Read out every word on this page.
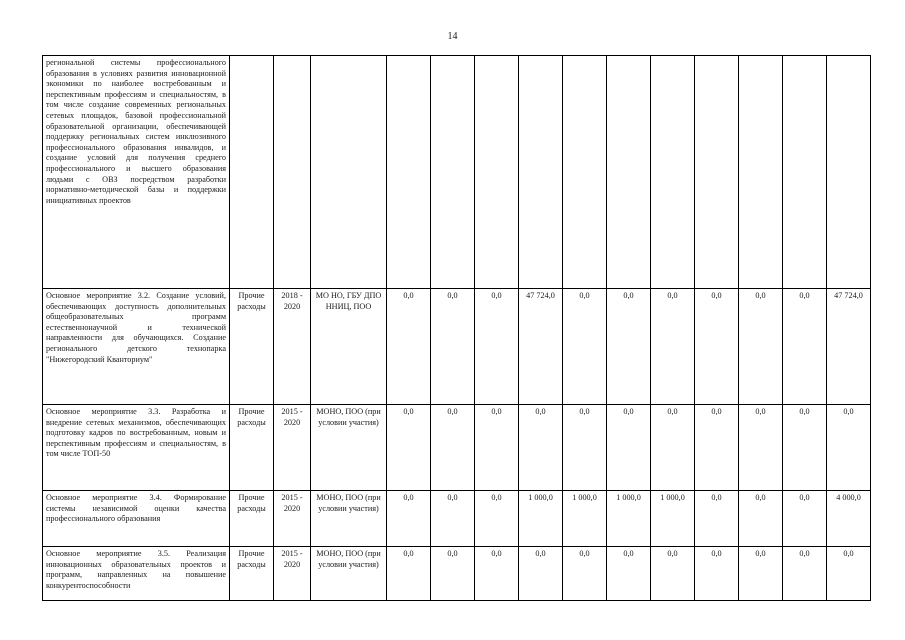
14
региональной системы профессионального образования в условиях развития инновационной экономики по наиболее востребованным и перспективным профессиям и специальностям, в том числе создание современных региональных сетевых площадок, базовой профессиональной образовательной организации, обеспечивающей поддержку региональных систем инклюзивного профессионального образования инвалидов, и создание условий для получения среднего профессионального и высшего образования людьми с ОВЗ посредством разработки нормативно-методической базы и поддержки инициативных проектов														
Основное мероприятие 3.2. Создание условий, обеспечивающих доступность дополнительных общеобразовательных программ естественнонаучной и технической направленности для обучающихся. Создание регионального детского технопарка "Нижегородский Кванториум"	Прочие расходы	2018 - 2020	МО НО, ГБУ ДПО ННИЦ, ПОО	0,0	0,0	0,0	47 724,0	0,0	0,0	0,0	0,0	0,0	0,0	47 724,0
Основное мероприятие 3.3. Разработка и внедрение сетевых механизмов, обеспечивающих подготовку кадров по востребованным, новым и перспективным профессиям и специальностям, в том числе ТОП-50	Прочие расходы	2015 - 2020	МОНО, ПОО (при условии участия)	0,0	0,0	0,0	0,0	0,0	0,0	0,0	0,0	0,0	0,0	0,0
Основное мероприятие 3.4. Формирование системы независимой оценки качества профессионального образования	Прочие расходы	2015 - 2020	МОНО, ПОО (при условии участия)	0,0	0,0	0,0	1 000,0	1 000,0	1 000,0	1 000,0	0,0	0,0	0,0	4 000,0
Основное мероприятие 3.5. Реализация инновационных образовательных проектов и программ, направленных на повышение конкурентоспособности	Прочие расходы	2015 - 2020	МОНО, ПОО (при условии участия)	0,0	0,0	0,0	0,0	0,0	0,0	0,0	0,0	0,0	0,0	0,0
